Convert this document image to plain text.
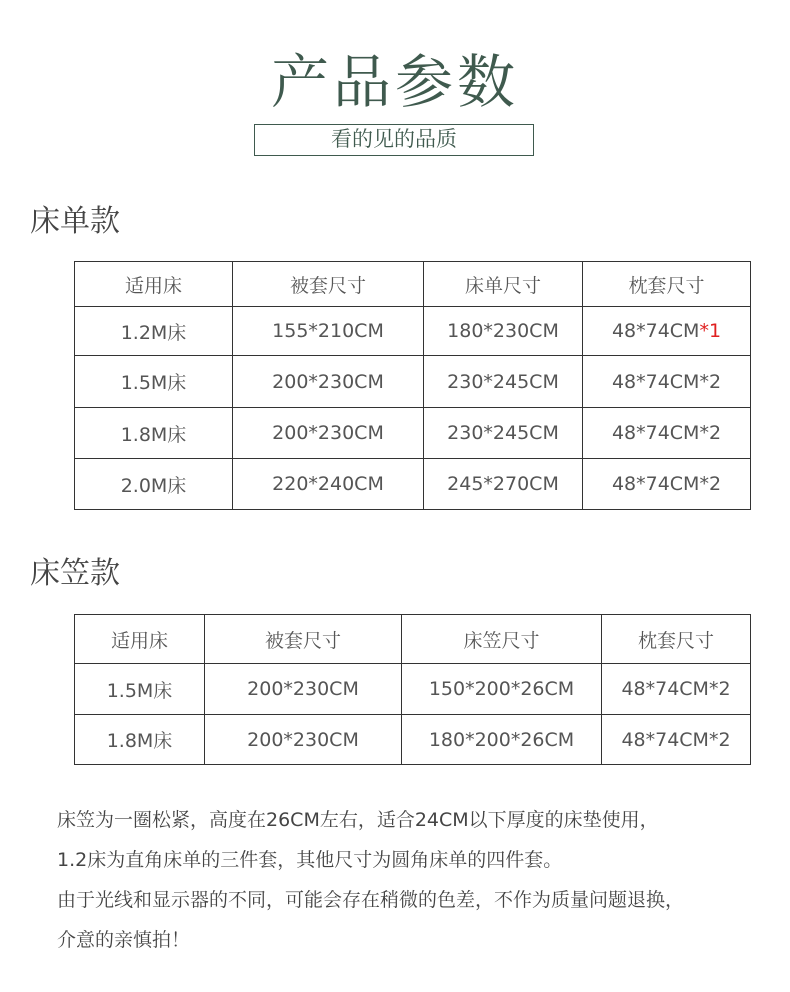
产品参数
看的见的品质
床单款
适用床	被套尺寸	床单尺寸	枕套尺寸
1.2M床	155*210CM	180*230CM	48*74CM*1
1.5M床	200*230CM	230*245CM	48*74CM*2
1.8M床	200*230CM	230*245CM	48*74CM*2
2.0M床	220*240CM	245*270CM	48*74CM*2
床笠款
适用床	被套尺寸	床笠尺寸	枕套尺寸
1.5M床	200*230CM	150*200*26CM	48*74CM*2
1.8M床	200*230CM	180*200*26CM	48*74CM*2

床笠为一圈松紧，高度在26CM左右，适合24CM以下厚度的床垫使用，

1.2床为直角床单的三件套，其他尺寸为圆角床单的四件套。

由于光线和显示器的不同，可能会存在稍微的色差，不作为质量问题退换，

介意的亲慎拍！
